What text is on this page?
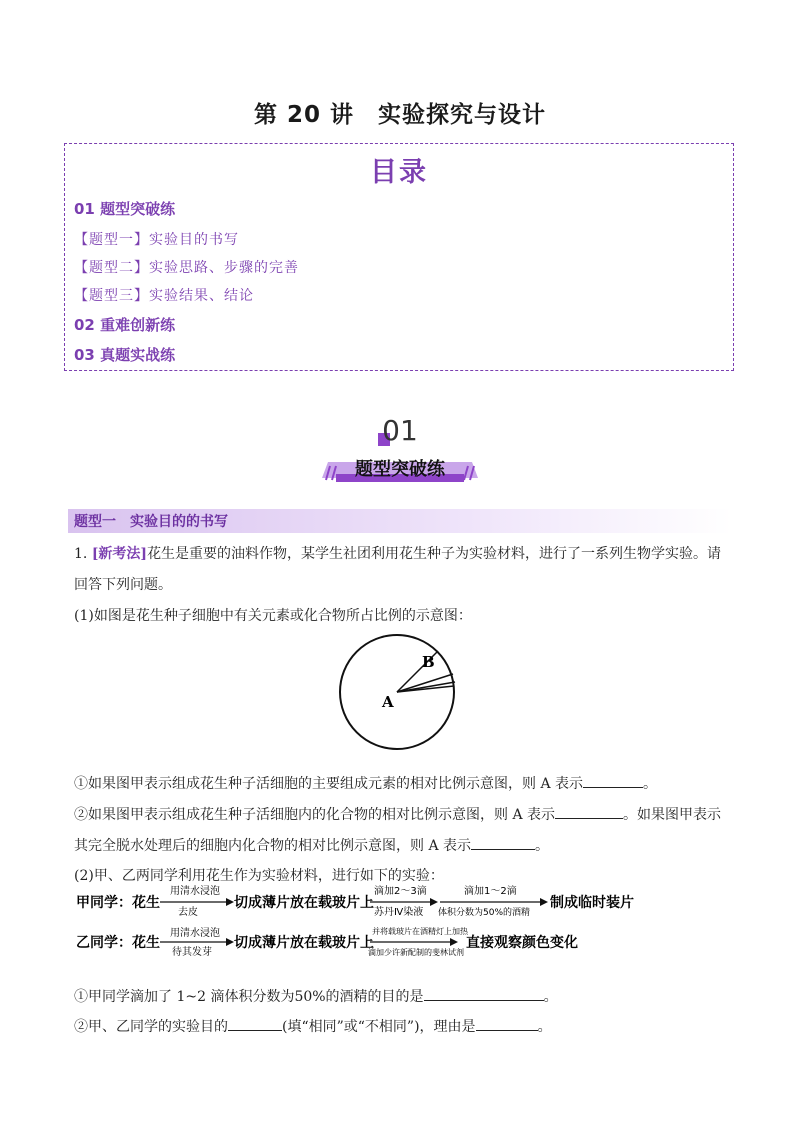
第 20 讲　实验探究与设计
目录
01 题型突破练
【题型一】实验目的书写
【题型二】实验思路、步骤的完善
【题型三】实验结果、结论
02 重难创新练
03 真题实战练
01
题型突破练
题型一　实验目的的书写
1. [新考法]花生是重要的油料作物，某学生社团利用花生种子为实验材料，进行了一系列生物学实验。请
回答下列问题。
(1)如图是花生种子细胞中有关元素或化合物所占比例的示意图：
B
A
①如果图甲表示组成花生种子活细胞的主要组成元素的相对比例示意图，则 A 表示	。
②如果图甲表示组成花生种子活细胞内的化合物的相对比例示意图，则 A 表示	。如果图甲表示
其完全脱水处理后的细胞内化合物的相对比例示意图，则 A 表示	。
(2)甲、乙两同学利用花生作为实验材料，进行如下的实验：
甲同学：花生
用清水浸泡
去皮
切成薄片放在载玻片上
滴加2～3滴
苏丹Ⅳ染液
滴加1～2滴
体积分数为50%的酒精
制成临时装片
乙同学：花生
用清水浸泡
待其发芽
切成薄片放在载玻片上
并将载玻片在酒精灯上加热
滴加少许新配制的斐林试剂
直接观察颜色变化
①甲同学滴加了 1~2 滴体积分数为50%的酒精的目的是	。
②甲、乙同学的实验目的	(填“相同”或“不相同”)，理由是	。
